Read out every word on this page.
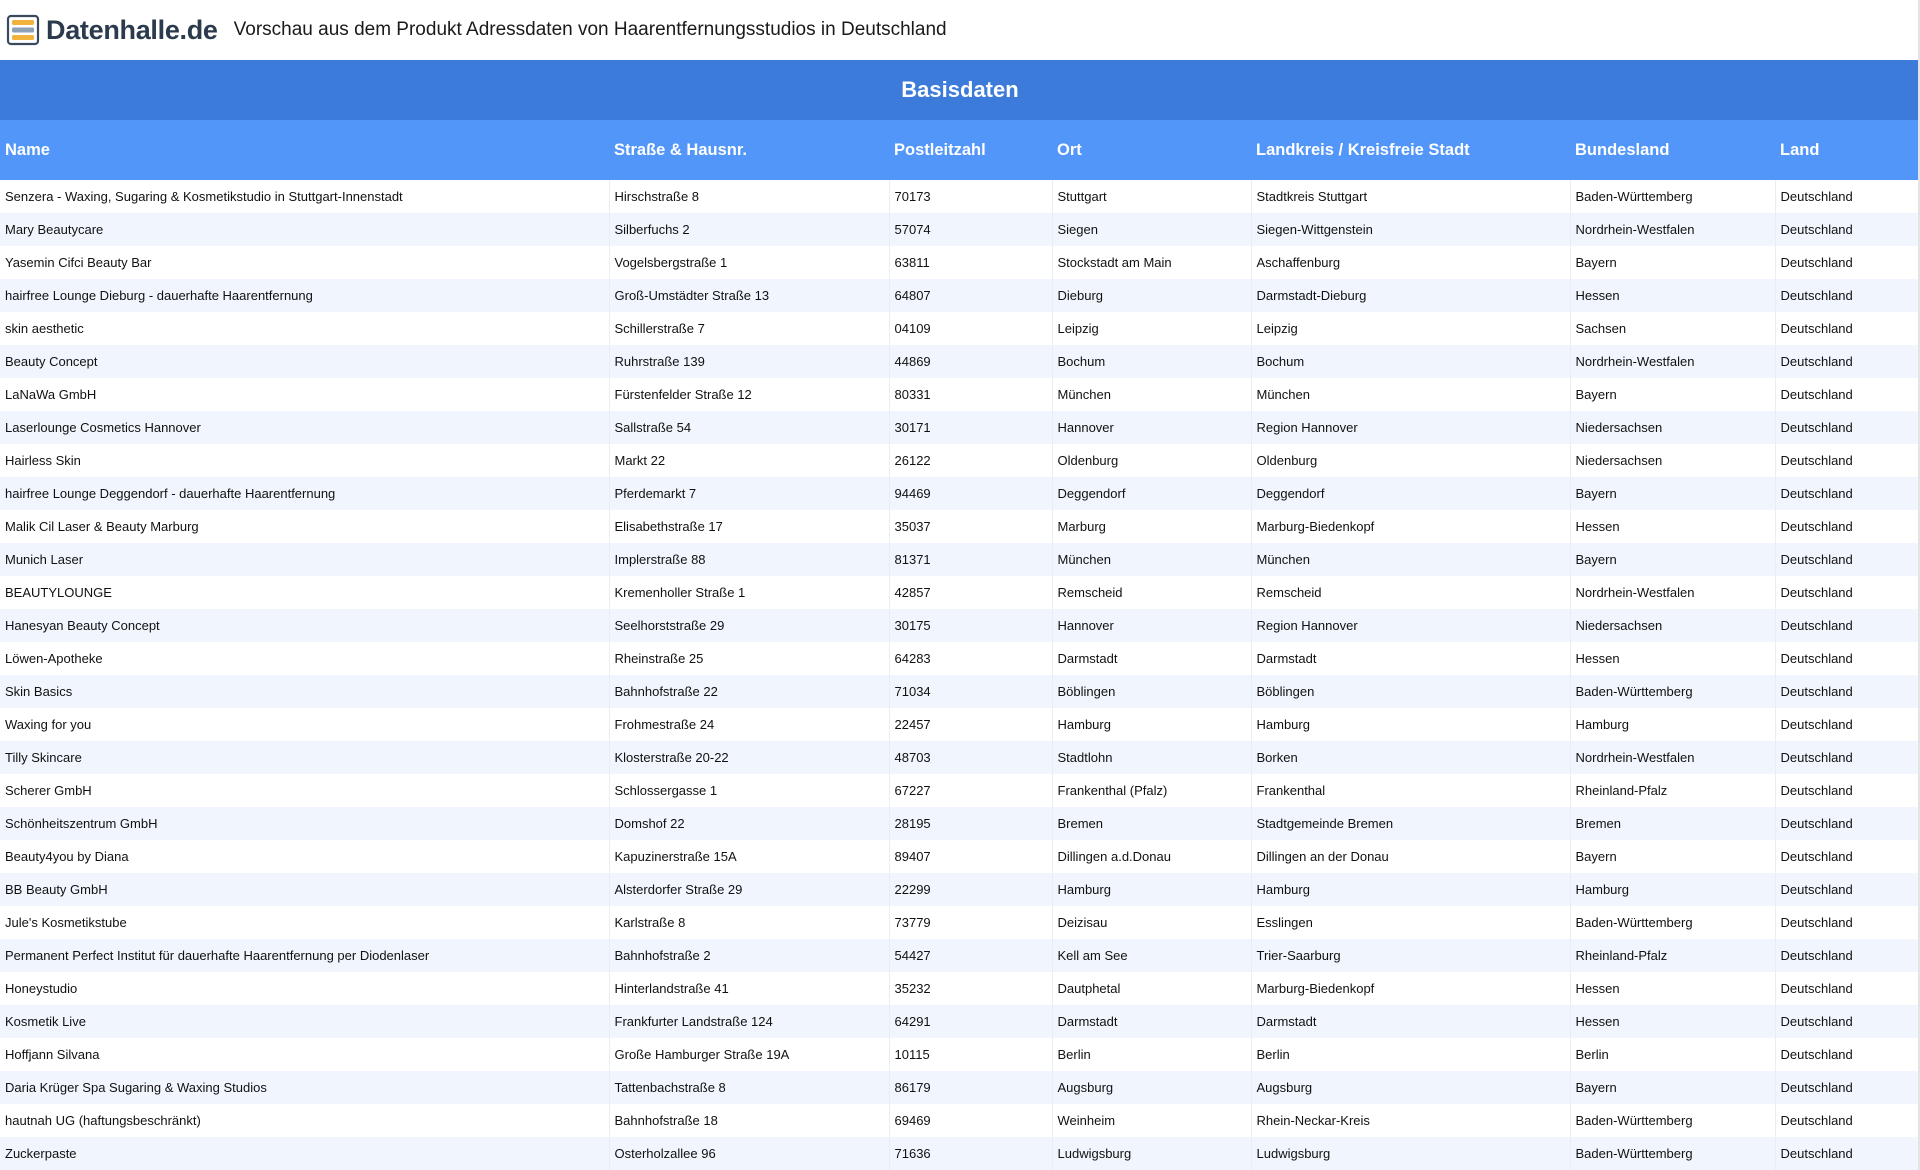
Datenhalle.de Vorschau aus dem Produkt Adressdaten von Haarentfernungsstudios in Deutschland
Basisdaten
Name	Straße & Hausnr.	Postleitzahl	Ort	Landkreis / Kreisfreie Stadt	Bundesland	Land
Senzera - Waxing, Sugaring & Kosmetikstudio in Stuttgart-Innenstadt	Hirschstraße 8	70173	Stuttgart	Stadtkreis Stuttgart	Baden-Württemberg	Deutschland
Mary Beautycare	Silberfuchs 2	57074	Siegen	Siegen-Wittgenstein	Nordrhein-Westfalen	Deutschland
Yasemin Cifci Beauty Bar	Vogelsbergstraße 1	63811	Stockstadt am Main	Aschaffenburg	Bayern	Deutschland
hairfree Lounge Dieburg - dauerhafte Haarentfernung	Groß-Umstädter Straße 13	64807	Dieburg	Darmstadt-Dieburg	Hessen	Deutschland
skin aesthetic	Schillerstraße 7	04109	Leipzig	Leipzig	Sachsen	Deutschland
Beauty Concept	Ruhrstraße 139	44869	Bochum	Bochum	Nordrhein-Westfalen	Deutschland
LaNaWa GmbH	Fürstenfelder Straße 12	80331	München	München	Bayern	Deutschland
Laserlounge Cosmetics Hannover	Sallstraße 54	30171	Hannover	Region Hannover	Niedersachsen	Deutschland
Hairless Skin	Markt 22	26122	Oldenburg	Oldenburg	Niedersachsen	Deutschland
hairfree Lounge Deggendorf - dauerhafte Haarentfernung	Pferdemarkt 7	94469	Deggendorf	Deggendorf	Bayern	Deutschland
Malik Cil Laser & Beauty Marburg	Elisabethstraße 17	35037	Marburg	Marburg-Biedenkopf	Hessen	Deutschland
Munich Laser	Implerstraße 88	81371	München	München	Bayern	Deutschland
BEAUTYLOUNGE	Kremenholler Straße 1	42857	Remscheid	Remscheid	Nordrhein-Westfalen	Deutschland
Hanesyan Beauty Concept	Seelhorststraße 29	30175	Hannover	Region Hannover	Niedersachsen	Deutschland
Löwen-Apotheke	Rheinstraße 25	64283	Darmstadt	Darmstadt	Hessen	Deutschland
Skin Basics	Bahnhofstraße 22	71034	Böblingen	Böblingen	Baden-Württemberg	Deutschland
Waxing for you	Frohmestraße 24	22457	Hamburg	Hamburg	Hamburg	Deutschland
Tilly Skincare	Klosterstraße 20-22	48703	Stadtlohn	Borken	Nordrhein-Westfalen	Deutschland
Scherer GmbH	Schlossergasse 1	67227	Frankenthal (Pfalz)	Frankenthal	Rheinland-Pfalz	Deutschland
Schönheitszentrum GmbH	Domshof 22	28195	Bremen	Stadtgemeinde Bremen	Bremen	Deutschland
Beauty4you by Diana	Kapuzinerstraße 15A	89407	Dillingen a.d.Donau	Dillingen an der Donau	Bayern	Deutschland
BB Beauty GmbH	Alsterdorfer Straße 29	22299	Hamburg	Hamburg	Hamburg	Deutschland
Jule's Kosmetikstube	Karlstraße 8	73779	Deizisau	Esslingen	Baden-Württemberg	Deutschland
Permanent Perfect Institut für dauerhafte Haarentfernung per Diodenlaser	Bahnhofstraße 2	54427	Kell am See	Trier-Saarburg	Rheinland-Pfalz	Deutschland
Honeystudio	Hinterlandstraße 41	35232	Dautphetal	Marburg-Biedenkopf	Hessen	Deutschland
Kosmetik Live	Frankfurter Landstraße 124	64291	Darmstadt	Darmstadt	Hessen	Deutschland
Hoffjann Silvana	Große Hamburger Straße 19A	10115	Berlin	Berlin	Berlin	Deutschland
Daria Krüger Spa Sugaring & Waxing Studios	Tattenbachstraße 8	86179	Augsburg	Augsburg	Bayern	Deutschland
hautnah UG (haftungsbeschränkt)	Bahnhofstraße 18	69469	Weinheim	Rhein-Neckar-Kreis	Baden-Württemberg	Deutschland
Zuckerpaste	Osterholzallee 96	71636	Ludwigsburg	Ludwigsburg	Baden-Württemberg	Deutschland
